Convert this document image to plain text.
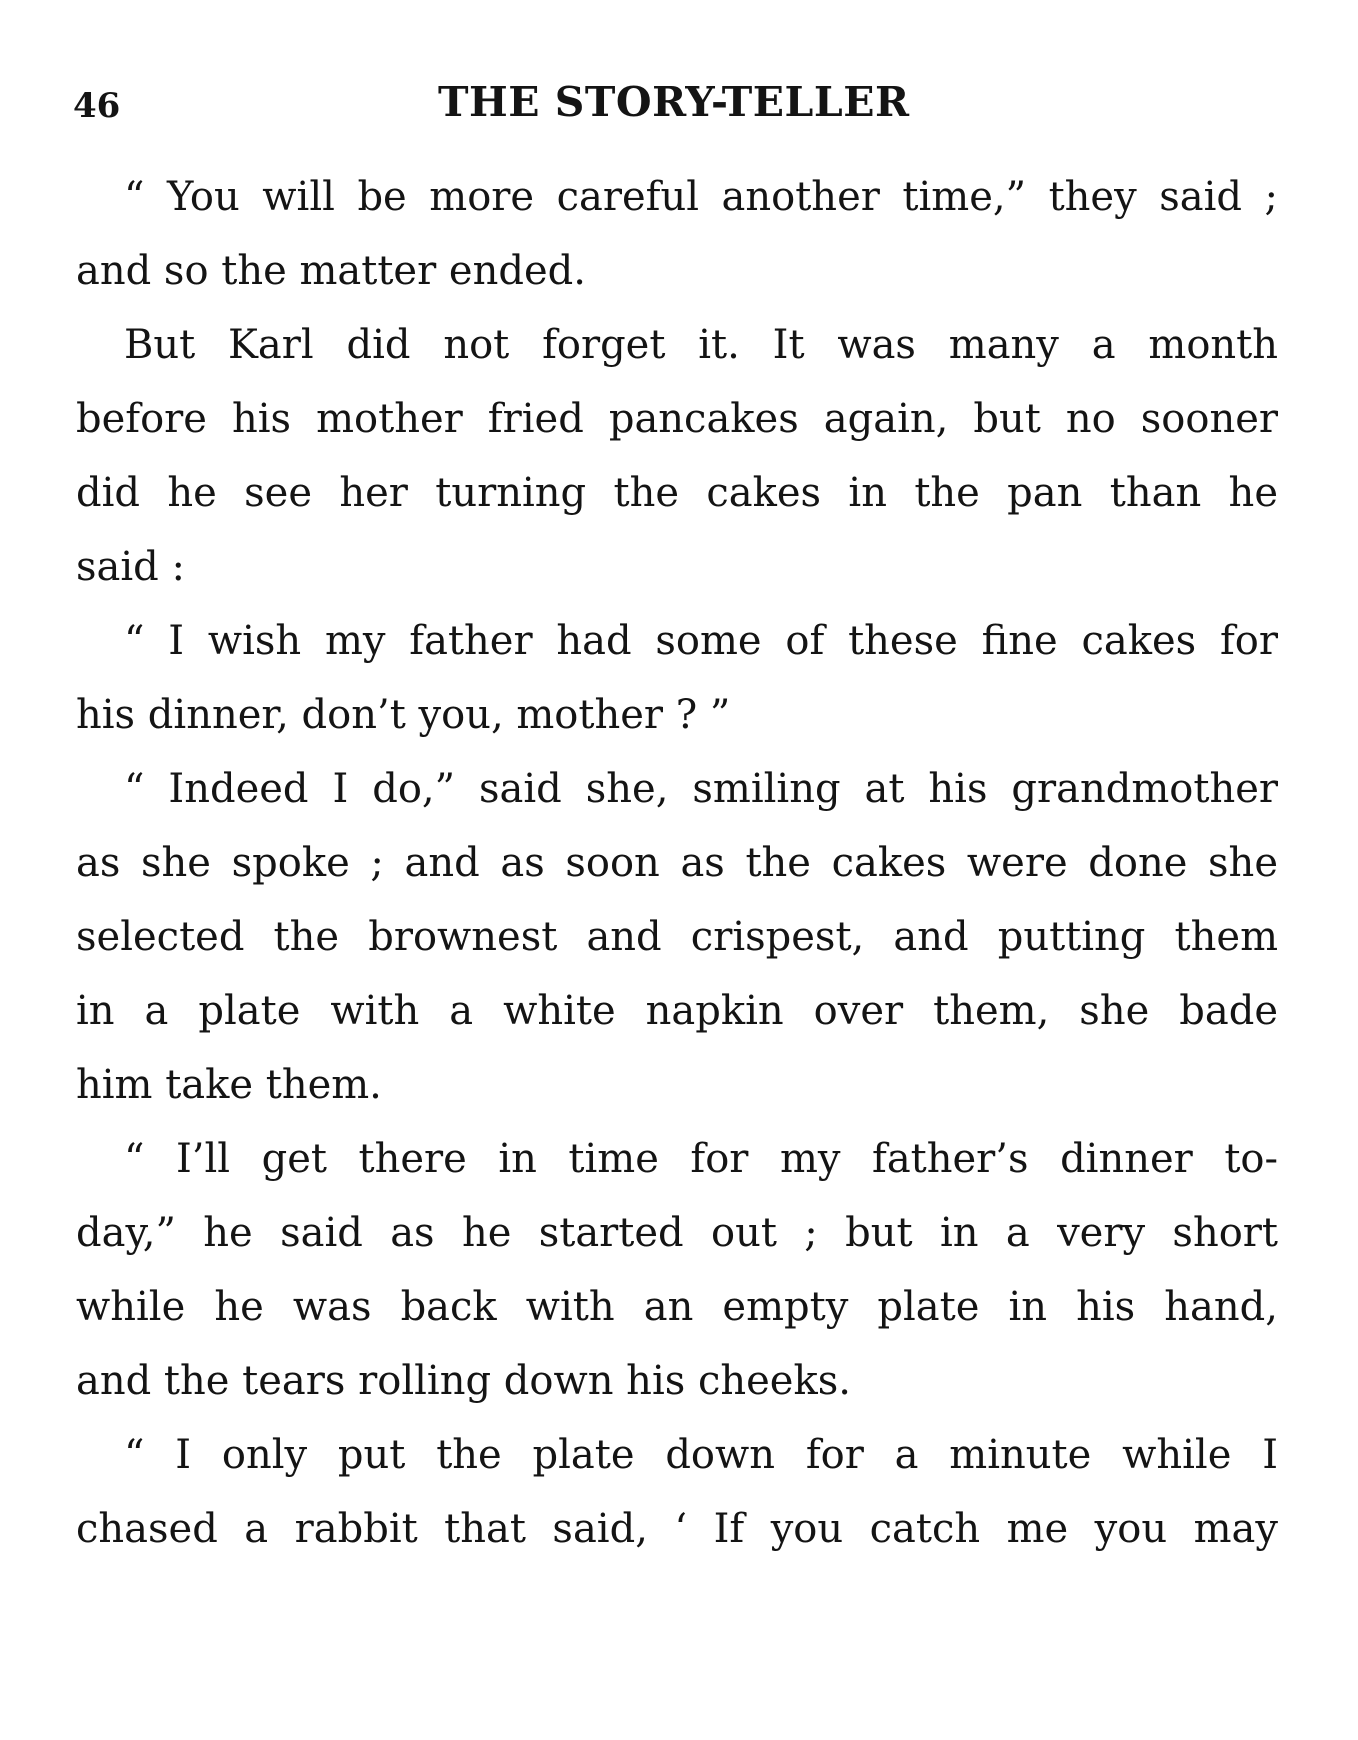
46	THE STORY-TELLER
“ You will be more careful another time,” they said ;
and so the matter ended.
But Karl did not forget it. It was many a month
before his mother fried pancakes again, but no sooner
did he see her turning the cakes in the pan than he
said :
“ I wish my father had some of these fine cakes for
his dinner, don’t you, mother ? ”
“ Indeed I do,” said she, smiling at his grandmother
as she spoke ; and as soon as the cakes were done she
selected the brownest and crispest, and putting them
in a plate with a white napkin over them, she bade
him take them.
“ I’ll get there in time for my father’s dinner to-
day,” he said as he started out ; but in a very short
while he was back with an empty plate in his hand,
and the tears rolling down his cheeks.
“ I only put the plate down for a minute while I
chased a rabbit that said, ‘ If you catch me you may
